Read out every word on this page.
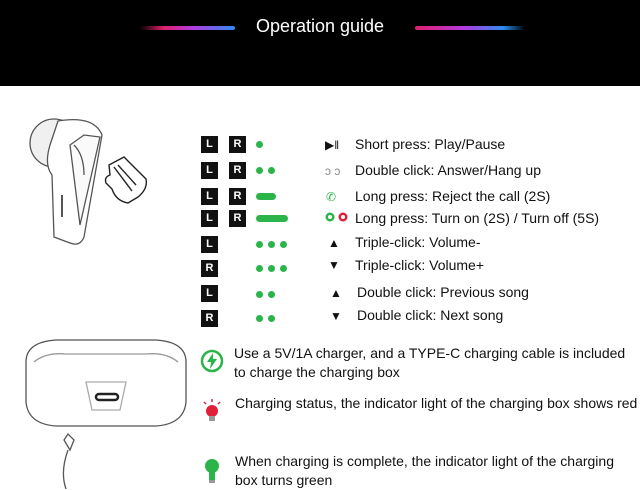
Operation guide
L	R	▶‖ Short press: Play/Pause
L	R	ↄ ↄ Double click: Answer/Hang up
L	R	✆ Long press: Reject the call (2S)
L	R	Long press: Turn on (2S) / Turn off (5S)
L	▲ Triple-click: Volume-
R	▼ Triple-click: Volume+
L	▲ Double click: Previous song
R	▼ Double click: Next song
Use a 5V/1A charger, and a TYPE-C charging cable is included to charge the charging box
Charging status, the indicator light of the charging box shows red
When charging is complete, the indicator light of the charging box turns green
